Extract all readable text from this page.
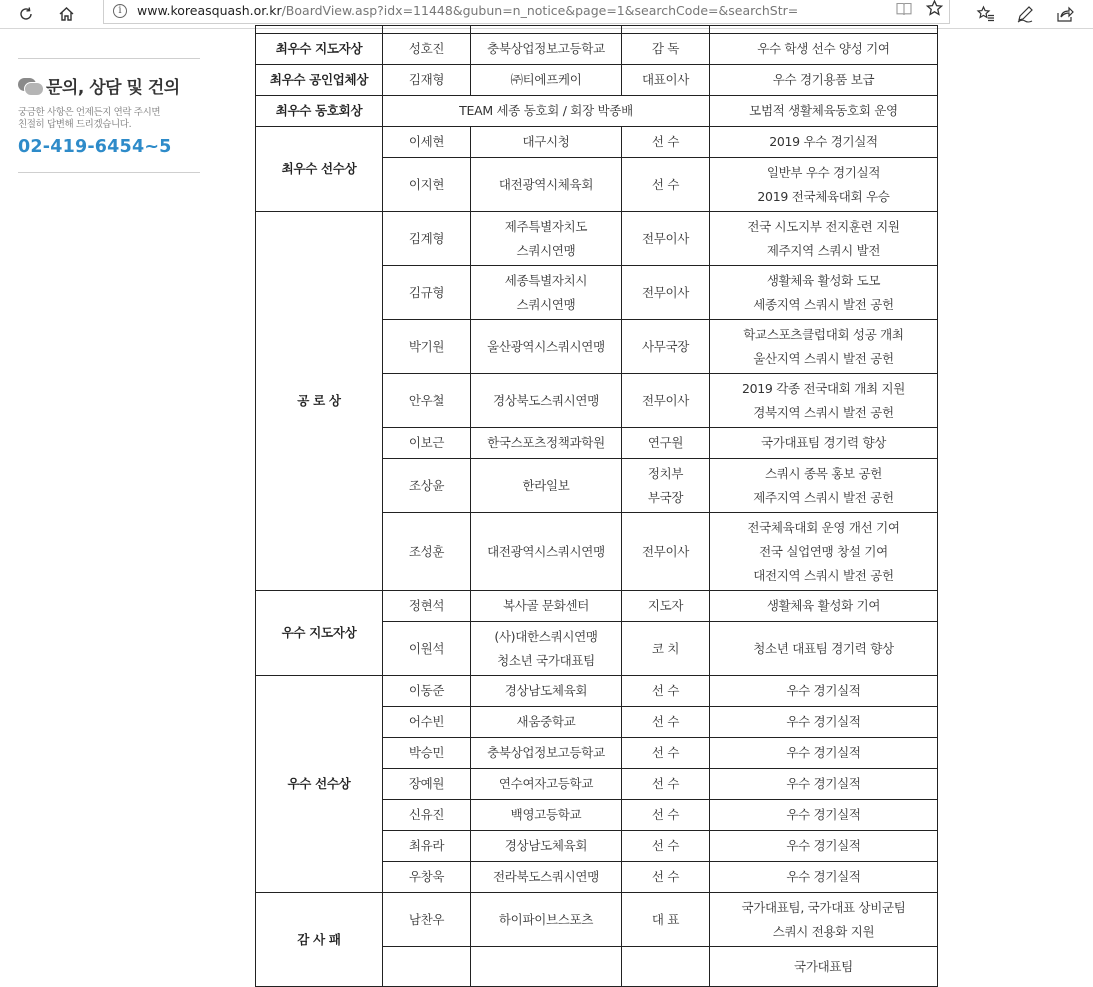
i	www.koreasquash.or.kr /BoardView.asp?idx=11448&gubun=n_notice&page=1&searchCode=&searchStr=
문의, 상담 및 건의
궁금한 사항은 언제든지 연락 주시면
친절히 답변해 드리겠습니다.
02-419-6454~5

최우수 지도자상	성호진	충북상업정보고등학교	감 독	우수 학생 선수 양성 기여

최우수 공인업체상	김재형	㈜티에프케이	대표이사	우수 경기용품 보급

최우수 동호회상	TEAM 세종 동호회 / 회장 박종배			모범적 생활체육동호회 운영

최우수 선수상	이세현	대구시청	선 수	2019 우수 경기실적

	이지현	대전광역시체육회	선 수	일반부 우수 경기실적
2019 전국체육대회 우승

공 로 상	김계형	제주특별자치도
스쿼시연맹	전무이사	전국 시도지부 전지훈련 지원
제주지역 스쿼시 발전

	김규형	세종특별자치시
스쿼시연맹	전무이사	생활체육 활성화 도모
세종지역 스쿼시 발전 공헌

	박기원	울산광역시스쿼시연맹	사무국장	학교스포츠클럽대회 성공 개최
울산지역 스쿼시 발전 공헌

	안우철	경상북도스쿼시연맹	전무이사	2019 각종 전국대회 개최 지원
경북지역 스쿼시 발전 공헌

	이보근	한국스포츠정책과학원	연구원	국가대표팀 경기력 향상

	조상윤	한라일보	정치부
부국장	스쿼시 종목 홍보 공헌
제주지역 스쿼시 발전 공헌

	조성훈	대전광역시스쿼시연맹	전무이사	전국체육대회 운영 개선 기여
전국 실업연맹 창설 기여
대전지역 스쿼시 발전 공헌

우수 지도자상	정현석	복사골 문화센터	지도자	생활체육 활성화 기여

	이원석	(사)대한스쿼시연맹
청소년 국가대표팀	코 치	청소년 대표팀 경기력 향상

우수 선수상	이동준	경상남도체육회	선 수	우수 경기실적

	어수빈	새움중학교	선 수	우수 경기실적

	박승민	충북상업정보고등학교	선 수	우수 경기실적

	장예원	연수여자고등학교	선 수	우수 경기실적

	신유진	백영고등학교	선 수	우수 경기실적

	최유라	경상남도체육회	선 수	우수 경기실적

	우창욱	전라북도스쿼시연맹	선 수	우수 경기실적

감 사 패	남찬우	하이파이브스포츠	대 표	국가대표팀, 국가대표 상비군팀
스쿼시 전용화 지원

				국가대표팀
